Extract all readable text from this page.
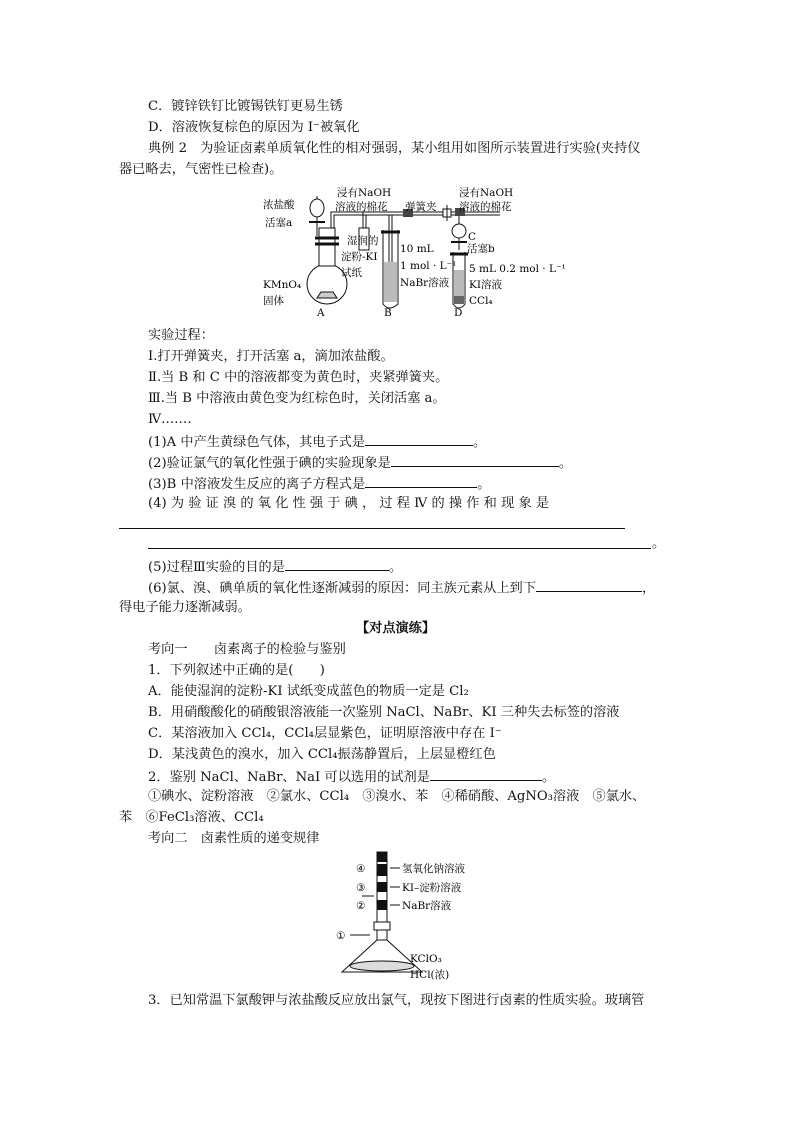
C．镀锌铁钉比镀锡铁钉更易生锈
D．溶液恢复棕色的原因为 I⁻被氧化
典例 2　为验证卤素单质氧化性的相对强弱，某小组用如图所示装置进行实验(夹持仪
器已略去，气密性已检查)。
浓盐酸
活塞a
浸有NaOH
溶液的棉花 弹簧夹
浸有NaOH
溶液的棉花
湿润的
淀粉-KI
试纸
10 mL
1 mol · L⁻¹
NaBr溶液
C
活塞b
5 mL 0.2 mol · L⁻¹
KI溶液
CCl₄
KMnO₄
固体
A	B	D
实验过程：
Ⅰ.打开弹簧夹，打开活塞 a，滴加浓盐酸。
Ⅱ.当 B 和 C 中的溶液都变为黄色时，夹紧弹簧夹。
Ⅲ.当 B 中溶液由黄色变为红棕色时，关闭活塞 a。
Ⅳ.……
(1)A 中产生黄绿色气体，其电子式是	。
(2)验证氯气的氧化性强于碘的实验现象是	。
(3)B 中溶液发生反应的离子方程式是	。
(4) 为 验 证 溴 的 氧 化 性 强 于 碘 ， 过 程 Ⅳ 的 操 作 和 现 象 是
。
(5)过程Ⅲ实验的目的是	。
(6)氯、溴、碘单质的氧化性逐渐减弱的原因：同主族元素从上到下	，
得电子能力逐渐减弱。
【对点演练】
考向一　　卤素离子的检验与鉴别
1．下列叙述中正确的是(　　)
A．能使湿润的淀粉-KI 试纸变成蓝色的物质一定是 Cl₂
B．用硝酸酸化的硝酸银溶液能一次鉴别 NaCl、NaBr、KI 三种失去标签的溶液
C．某溶液加入 CCl₄，CCl₄层显紫色，证明原溶液中存在 I⁻
D．某浅黄色的溴水，加入 CCl₄振荡静置后，上层显橙红色
2．鉴别 NaCl、NaBr、NaI 可以选用的试剂是	。
①碘水、淀粉溶液　②氯水、CCl₄　③溴水、苯　④稀硝酸、AgNO₃溶液　⑤氯水、
苯　⑥FeCl₃溶液、CCl₄
考向二　卤素性质的递变规律
④
③
②
①
氢氧化钠溶液
KI–淀粉溶液
NaBr溶液
KClO₃
HCl(浓)
3．已知常温下氯酸钾与浓盐酸反应放出氯气，现按下图进行卤素的性质实验。玻璃管
